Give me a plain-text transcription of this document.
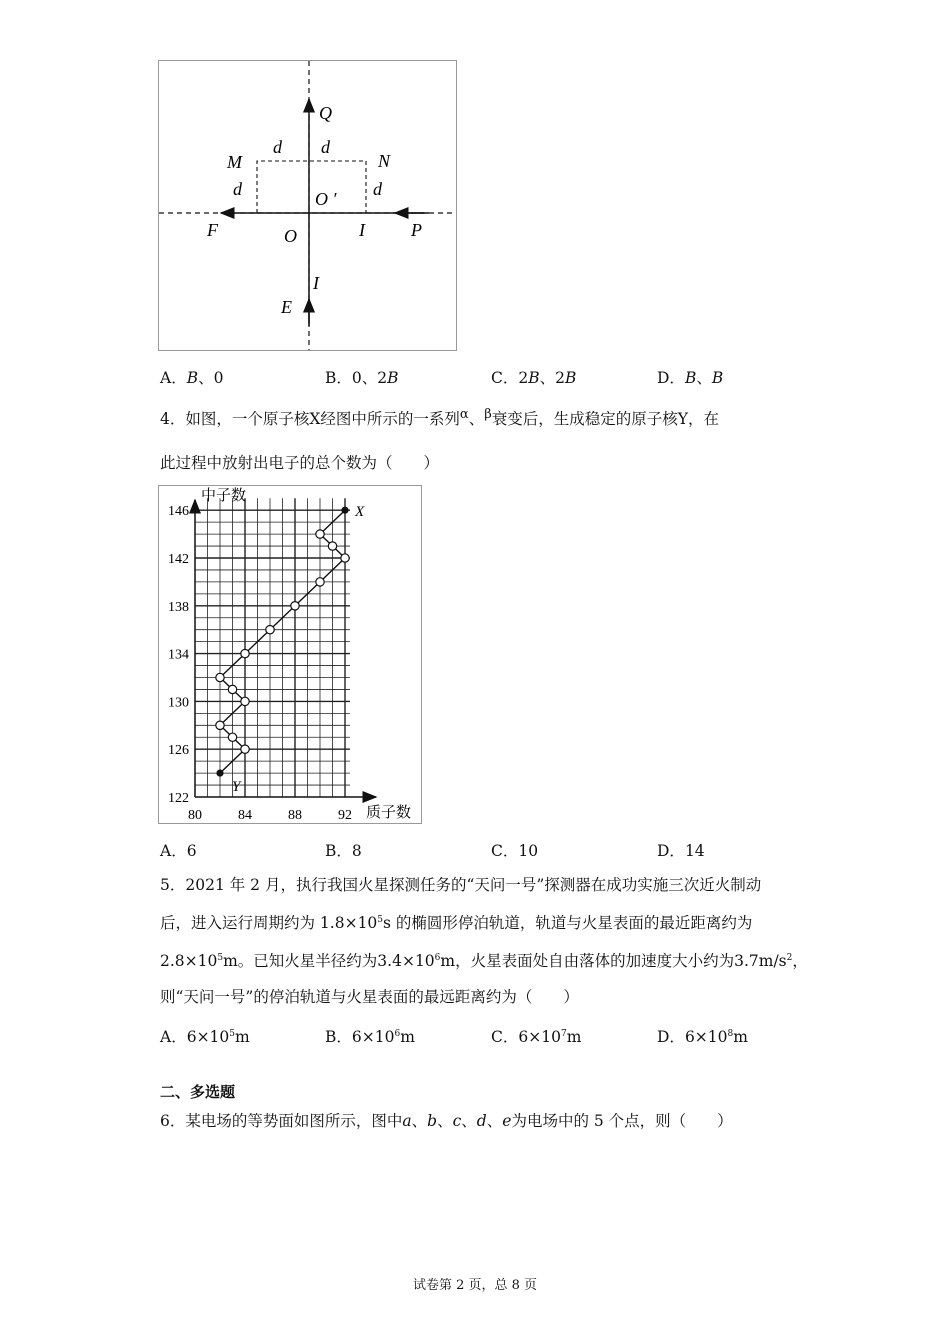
Q
M	N
d d
d	d
O ′
F	O	I	P
I
E
A．B、0	B．0、2B	C．2B、2B	D．B、B
4．如图，一个原子核X经图中所示的一系列$^\alpha$、$^\beta$衰变后，生成稳定的原子核Y，在
此过程中放射出电子的总个数为（　　）
122
126
130
134
138
142
146
80	84	88	92
中子数
质子数
X
Y
A．6	B．8	C．10	D．14
5．2021 年 2 月，执行我国火星探测任务的“天问一号”探测器在成功实施三次近火制动
后，进入运行周期约为 $1.8\times 10^5s$ 的椭圆形停泊轨道，轨道与火星表面的最近距离约为
$2.8\times 10^5m$。已知火星半径约为$3.4\times 10^6m$，火星表面处自由落体的加速度大小约为$3.7m/s^2$，
则“天问一号”的停泊轨道与火星表面的最远距离约为（　　）
A．$6\times 10^5m$	B．$6\times 10^6m$	C．$6\times 10^7m$	D．$6\times 10^8m$
二、多选题
6．某电场的等势面如图所示，图中a、b、c、d、e为电场中的 5 个点，则（　　）
试卷第 2 页，总 8 页
